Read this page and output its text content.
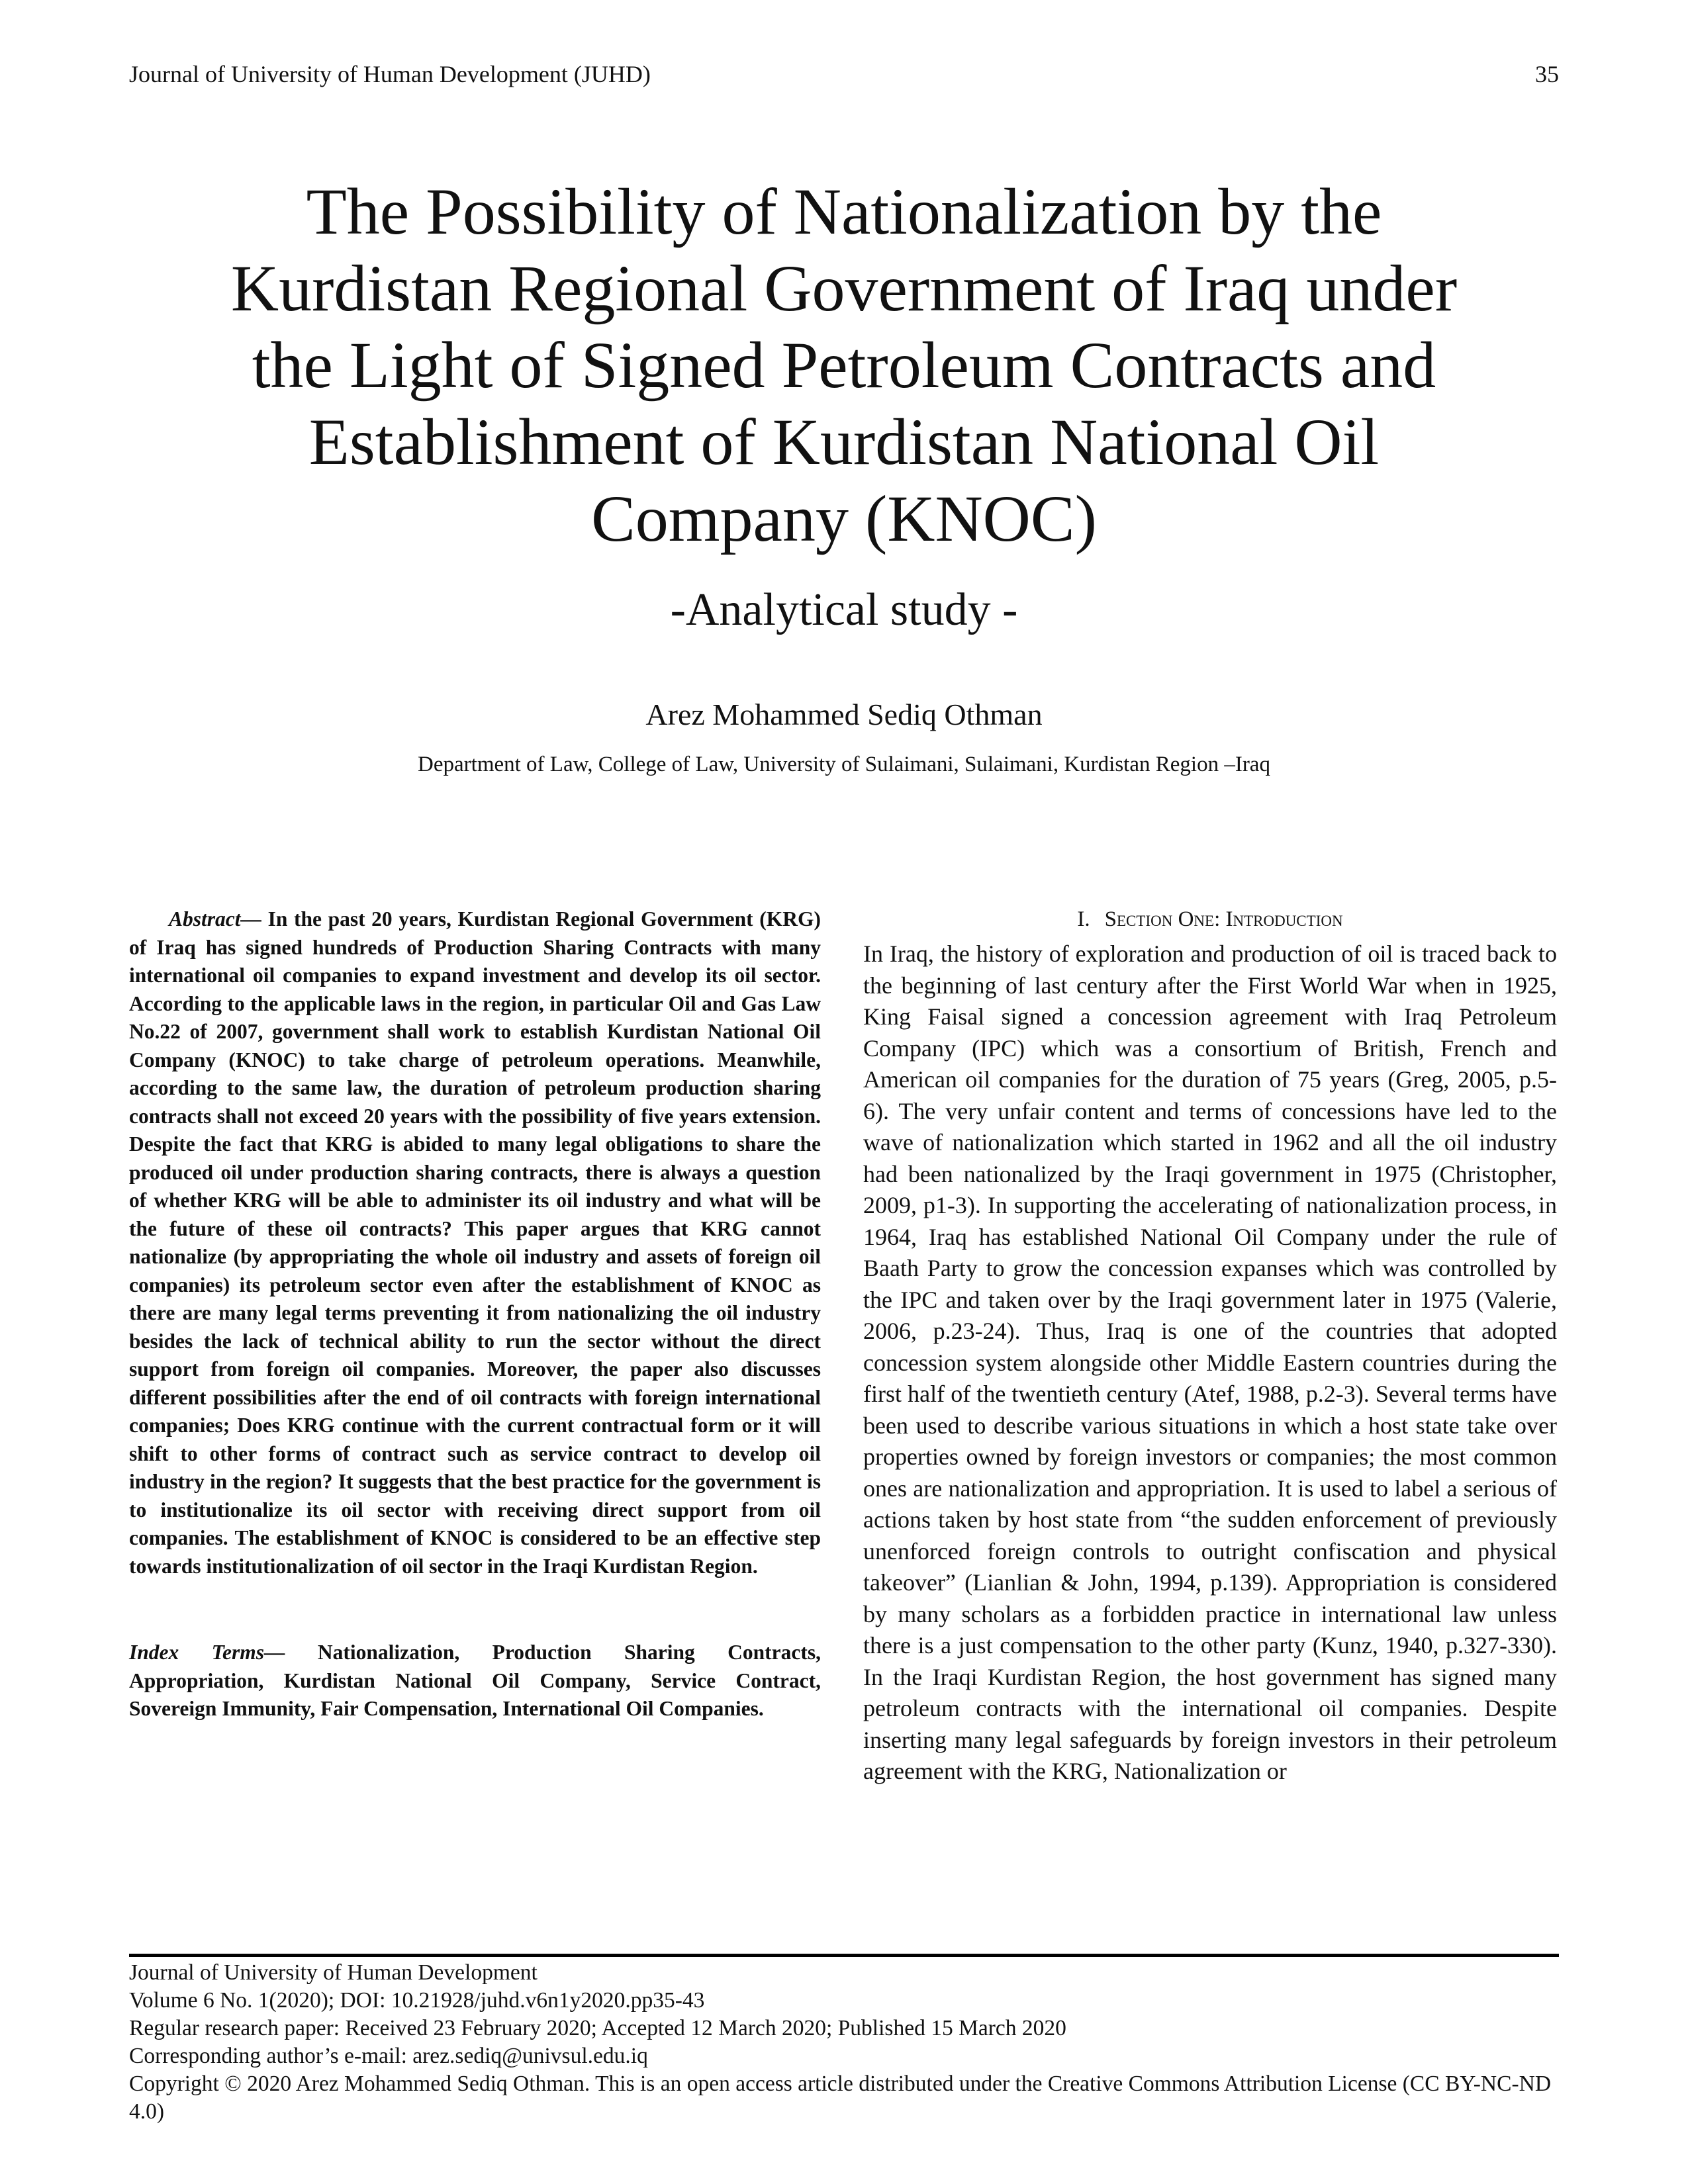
Journal of University of Human Development (JUHD)	35
The Possibility of Nationalization by the Kurdistan Regional Government of Iraq under the Light of Signed Petroleum Contracts and Establishment of Kurdistan National Oil Company (KNOC)
-Analytical study -
Arez Mohammed Sediq Othman
Department of Law, College of Law, University of Sulaimani, Sulaimani, Kurdistan Region –Iraq

Abstract— In the past 20 years, Kurdistan Regional Government (KRG) of Iraq has signed hundreds of Production Sharing Contracts with many international oil companies to expand investment and develop its oil sector. According to the applicable laws in the region, in particular Oil and Gas Law No.22 of 2007, government shall work to establish Kurdistan National Oil Company (KNOC) to take charge of petroleum operations. Meanwhile, according to the same law, the duration of petroleum production sharing contracts shall not exceed 20 years with the possibility of five years extension. Despite the fact that KRG is abided to many legal obligations to share the produced oil under production sharing contracts, there is always a question of whether KRG will be able to administer its oil industry and what will be the future of these oil contracts? This paper argues that KRG cannot nationalize (by appropriating the whole oil industry and assets of foreign oil companies) its petroleum sector even after the establishment of KNOC as there are many legal terms preventing it from nationalizing the oil industry besides the lack of technical ability to run the sector without the direct support from foreign oil companies. Moreover, the paper also discusses different possibilities after the end of oil contracts with foreign international companies; Does KRG continue with the current contractual form or it will shift to other forms of contract such as service contract to develop oil industry in the region? It suggests that the best practice for the government is to institutionalize its oil sector with receiving direct support from oil companies. The establishment of KNOC is considered to be an effective step towards institutionalization of oil sector in the Iraqi Kurdistan Region.

Index Terms— Nationalization, Production Sharing Contracts, Appropriation, Kurdistan National Oil Company, Service Contract, Sovereign Immunity, Fair Compensation, International Oil Companies.

I. Section One: Introduction

In Iraq, the history of exploration and production of oil is traced back to the beginning of last century after the First World War when in 1925, King Faisal signed a concession agreement with Iraq Petroleum Company (IPC) which was a consortium of British, French and American oil companies for the duration of 75 years (Greg, 2005, p.5-6). The very unfair content and terms of concessions have led to the wave of nationalization which started in 1962 and all the oil industry had been nationalized by the Iraqi government in 1975 (Christopher, 2009, p1-3). In supporting the accelerating of nationalization process, in 1964, Iraq has established National Oil Company under the rule of Baath Party to grow the concession expanses which was controlled by the IPC and taken over by the Iraqi government later in 1975 (Valerie, 2006, p.23-24). Thus, Iraq is one of the countries that adopted concession system alongside other Middle Eastern countries during the first half of the twentieth century (Atef, 1988, p.2-3). Several terms have been used to describe various situations in which a host state take over properties owned by foreign investors or companies; the most common ones are nationalization and appropriation. It is used to label a serious of actions taken by host state from “the sudden enforcement of previously unenforced foreign controls to outright confiscation and physical takeover” (Lianlian & John, 1994, p.139). Appropriation is considered by many scholars as a forbidden practice in international law unless there is a just compensation to the other party (Kunz, 1940, p.327-330). In the Iraqi Kurdistan Region, the host government has signed many petroleum contracts with the international oil companies. Despite inserting many legal safeguards by foreign investors in their petroleum agreement with the KRG, Nationalization or

Journal of University of Human Development
Volume 6 No. 1(2020); DOI: 10.21928/juhd.v6n1y2020.pp35-43
Regular research paper: Received 23 February 2020; Accepted 12 March 2020; Published 15 March 2020
Corresponding author’s e-mail: arez.sediq@univsul.edu.iq
Copyright © 2020 Arez Mohammed Sediq Othman. This is an open access article distributed under the Creative Commons Attribution License (CC BY-NC-ND 4.0)
